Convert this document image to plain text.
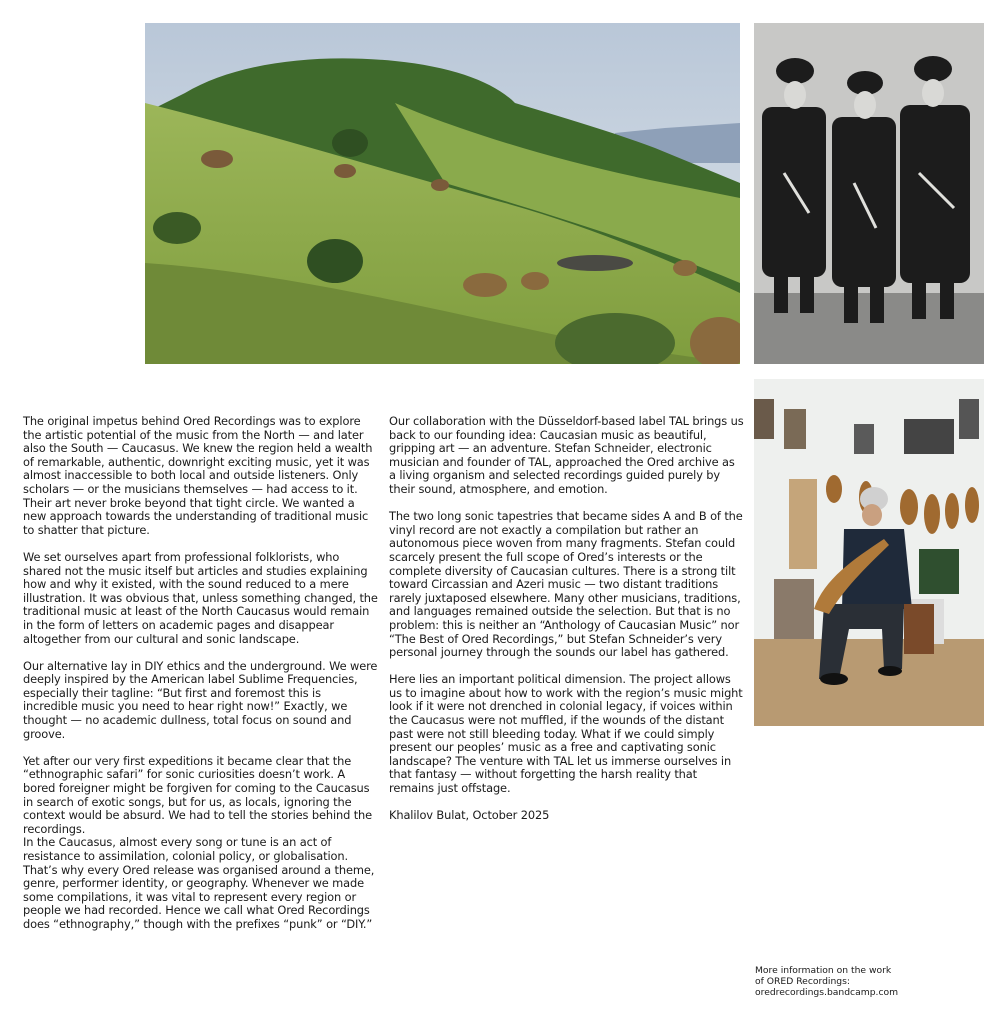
The original impetus behind Ored Recordings was to explore the artistic potential of the music from the North — and later also the South — Caucasus. We knew the region held a wealth of remarkable, authentic, downright exciting music, yet it was almost inaccessible to both local and outside listeners. Only scholars — or the musicians themselves — had access to it. Their art never broke beyond that tight circle. We wanted a new approach towards the understanding of traditional music to shatter that picture.

We set ourselves apart from professional folklorists, who shared not the music itself but articles and studies explaining how and why it existed, with the sound reduced to a mere illustration. It was obvious that, unless something changed, the traditional music at least of the North Caucasus would remain in the form of letters on academic pages and disappear altogether from our cultural and sonic landscape.

Our alternative lay in DIY ethics and the underground. We were deeply inspired by the American label Sublime Frequencies, especially their tagline: “But first and foremost this is incredible music you need to hear right now!” Exactly, we thought — no academic dullness, total focus on sound and groove.

Yet after our very first expeditions it became clear that the “ethnographic safari” for sonic curiosities doesn’t work. A bored foreigner might be forgiven for coming to the Caucasus in search of exotic songs, but for us, as locals, ignoring the context would be absurd. We had to tell the stories behind the recordings.

In the Caucasus, almost every song or tune is an act of resistance to assimilation, colonial policy, or globalisation. That’s why every Ored release was organised around a theme, genre, performer identity, or geography. Whenever we made some compilations, it was vital to represent every region or people we had recorded. Hence we call what Ored Recordings does “ethnography,” though with the prefixes “punk” or “DIY.”

Our collaboration with the Düsseldorf-based label TAL brings us back to our founding idea: Caucasian music as beautiful, gripping art — an adventure. Stefan Schneider, electronic musician and founder of TAL, approached the Ored archive as a living organism and selected recordings guided purely by their sound, atmosphere, and emotion.

The two long sonic tapestries that became sides A and B of the vinyl record are not exactly a compilation but rather an autonomous piece woven from many fragments. Stefan could scarcely present the full scope of Ored’s interests or the complete diversity of Caucasian cultures. There is a strong tilt toward Circassian and Azeri music — two distant traditions rarely juxtaposed elsewhere. Many other musicians, traditions, and languages remained outside the selection. But that is no problem: this is neither an “Anthology of Caucasian Music” nor “The Best of Ored Recordings,” but Stefan Schneider’s very personal journey through the sounds our label has gathered.

Here lies an important political dimension. The project allows us to imagine about how to work with the region’s music might look if it were not drenched in colonial legacy, if voices within the Caucasus were not muffled, if the wounds of the distant past were not still bleeding today. What if we could simply present our peoples’ music as a free and captivating sonic landscape? The venture with TAL let us immerse ourselves in that fantasy — without forgetting the harsh reality that remains just offstage.

Khalilov Bulat, October 2025

More information on the work
of ORED Recordings:
oredrecordings.bandcamp.com
